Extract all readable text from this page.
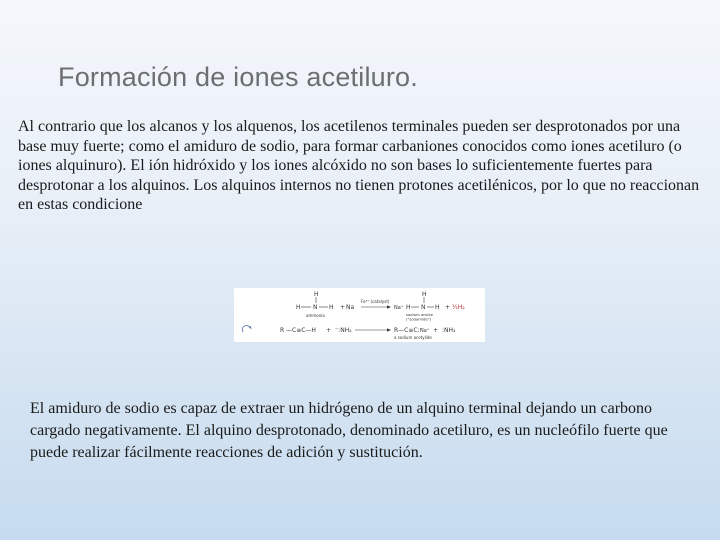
Formación de iones acetiluro.

Al contrario que los alcanos y los alquenos, los acetilenos terminales pueden ser desprotonados por una base muy fuerte; como el amiduro de sodio, para formar carbaniones conocidos como iones acetiluro (o iones alquinuro). El ión hidróxido y los iones alcóxido no son bases lo suficientemente fuertes para desprotonar a los alquinos. Los alquinos internos no tienen protones acetilénicos, por lo que no reaccionan en estas condicione

H
H N H + Na
Fe³⁺ (catalyst)
ammonia
H
Na⁺ H N H + ½H₂
sodium amide
("sodamide")
R —C≡C—H + ⁻:NH₂	R—C≡C:⁻
Na⁺ + :NH₃
a sodium acetylide

El amiduro de sodio es capaz de extraer un hidrógeno de un alquino terminal dejando un carbono cargado negativamente. El alquino desprotonado, denominado acetiluro, es un nucleófilo fuerte que puede realizar fácilmente reacciones de adición y sustitución.
